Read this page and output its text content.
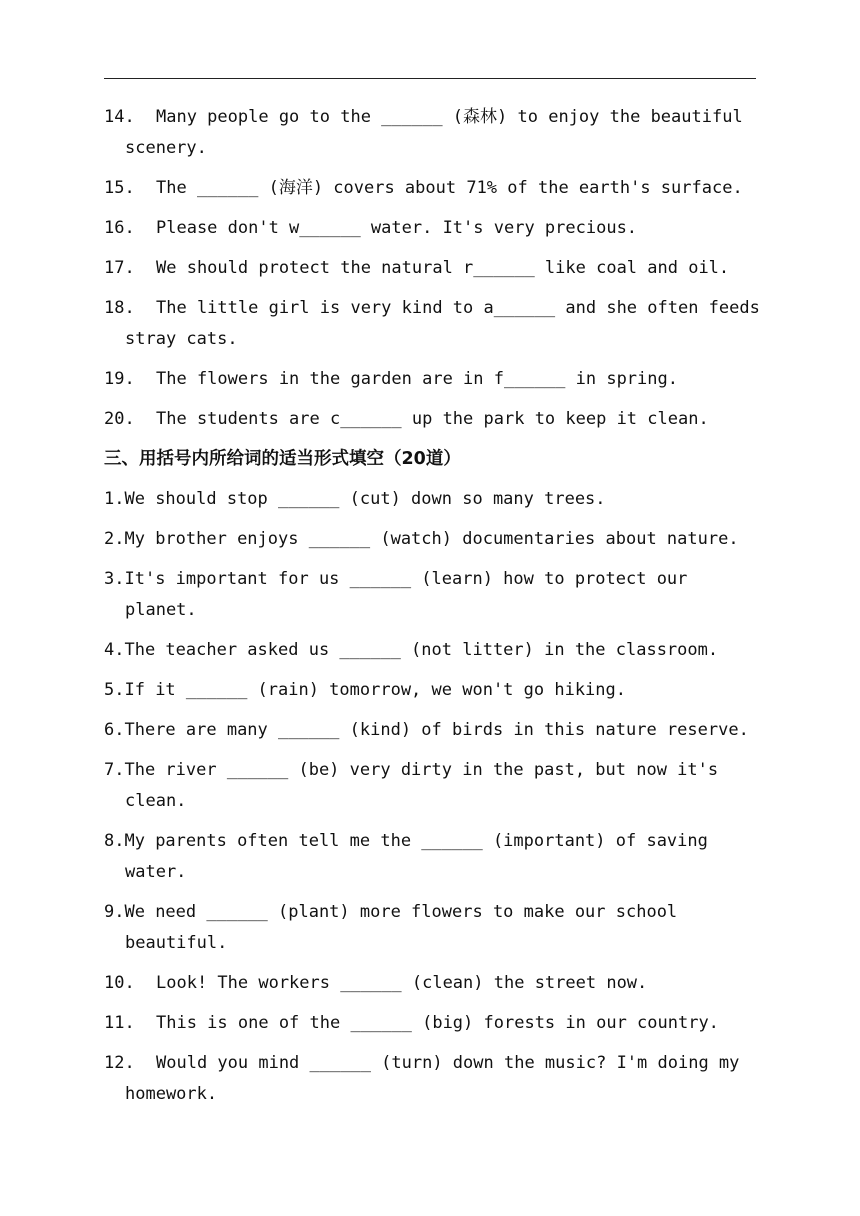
14. Many people go to the ______ (森林) to enjoy the beautiful scenery.
15. The ______ (海洋) covers about 71% of the earth's surface.
16. Please don't w______ water. It's very precious.
17. We should protect the natural r______ like coal and oil.
18. The little girl is very kind to a______ and she often feeds stray cats.
19. The flowers in the garden are in f______ in spring.
20. The students are c______ up the park to keep it clean.
三、用括号内所给词的适当形式填空（20道）
1.We should stop ______ (cut) down so many trees.
2.My brother enjoys ______ (watch) documentaries about nature.
3.It's important for us ______ (learn) how to protect our planet.
4.The teacher asked us ______ (not litter) in the classroom.
5.If it ______ (rain) tomorrow, we won't go hiking.
6.There are many ______ (kind) of birds in this nature reserve.
7.The river ______ (be) very dirty in the past, but now it's clean.
8.My parents often tell me the ______ (important) of saving water.
9.We need ______ (plant) more flowers to make our school beautiful.
10. Look! The workers ______ (clean) the street now.
11. This is one of the ______ (big) forests in our country.
12. Would you mind ______ (turn) down the music? I'm doing my homework.
